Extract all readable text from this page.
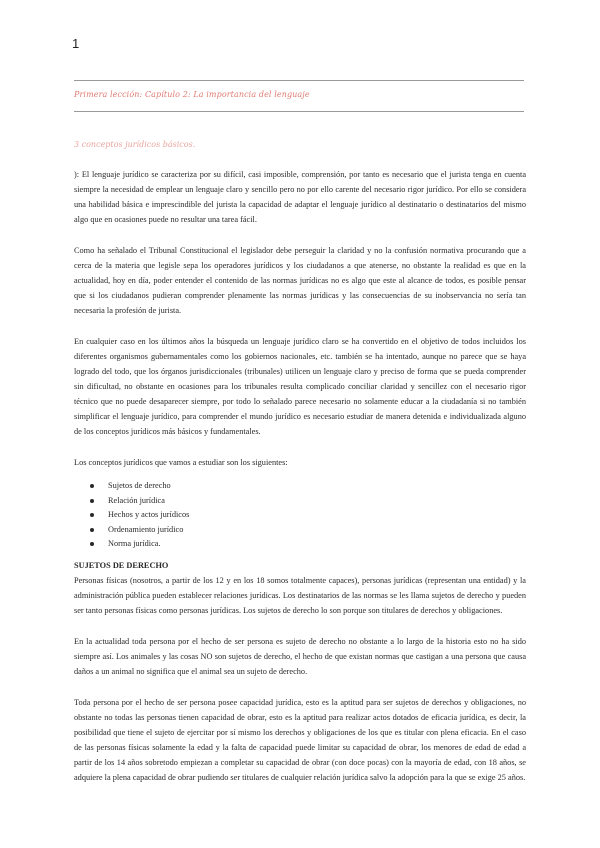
1
Primera lección: Capítulo 2: La importancia del lenguaje
3 conceptos jurídicos básicos.

): El lenguaje jurídico se caracteriza por su difícil, casi imposible, comprensión, por tanto es necesario que el jurista tenga en cuenta siempre la necesidad de emplear un lenguaje claro y sencillo pero no por ello carente del necesario rigor jurídico. Por ello se considera una habilidad básica e imprescindible del jurista la capacidad de adaptar el lenguaje jurídico al destinatario o destinatarios del mismo algo que en ocasiones puede no resultar una tarea fácil.

Como ha señalado el Tribunal Constitucional el legislador debe perseguir la claridad y no la confusión normativa procurando que a cerca de la materia que legisle sepa los operadores jurídicos y los ciudadanos a que atenerse, no obstante la realidad es que en la actualidad, hoy en día, poder entender el contenido de las normas jurídicas no es algo que este al alcance de todos, es posible pensar que si los ciudadanos pudieran comprender plenamente las normas jurídicas y las consecuencias de su inobservancia no sería tan necesaria la profesión de jurista.

En cualquier caso en los últimos años la búsqueda un lenguaje jurídico claro se ha convertido en el objetivo de todos incluidos los diferentes organismos gubernamentales como los gobiernos nacionales, etc. también se ha intentado, aunque no parece que se haya logrado del todo, que los órganos jurisdiccionales (tribunales) utilicen un lenguaje claro y preciso de forma que se pueda comprender sin dificultad, no obstante en ocasiones para los tribunales resulta complicado conciliar claridad y sencillez con el necesario rigor técnico que no puede desaparecer siempre, por todo lo señalado parece necesario no solamente educar a la ciudadanía si no también simplificar el lenguaje jurídico, para comprender el mundo jurídico es necesario estudiar de manera detenida e individualizada alguno de los conceptos jurídicos más básicos y fundamentales.

Los conceptos jurídicos que vamos a estudiar son los siguientes:

Sujetos de derecho
Relación jurídica
Hechos y actos jurídicos
Ordenamiento jurídico
Norma jurídica.
SUJETOS DE DERECHO

Personas físicas (nosotros, a partir de los 12 y en los 18 somos totalmente capaces), personas jurídicas (representan una entidad) y la administración pública pueden establecer relaciones jurídicas. Los destinatarios de las normas se les llama sujetos de derecho y pueden ser tanto personas físicas como personas jurídicas. Los sujetos de derecho lo son porque son titulares de derechos y obligaciones.

En la actualidad toda persona por el hecho de ser persona es sujeto de derecho no obstante a lo largo de la historia esto no ha sido siempre así. Los animales y las cosas NO son sujetos de derecho, el hecho de que existan normas que castigan a una persona que causa daños a un animal no significa que el animal sea un sujeto de derecho.

Toda persona por el hecho de ser persona posee capacidad jurídica, esto es la aptitud para ser sujetos de derechos y obligaciones, no obstante no todas las personas tienen capacidad de obrar, esto es la aptitud para realizar actos dotados de eficacia jurídica, es decir, la posibilidad que tiene el sujeto de ejercitar por sí mismo los derechos y obligaciones de los que es titular con plena eficacia. En el caso de las personas físicas solamente la edad y la falta de capacidad puede limitar su capacidad de obrar, los menores de edad de edad a partir de los 14 años sobretodo empiezan a completar su capacidad de obrar (con doce pocas) con la mayoría de edad, con 18 años, se adquiere la plena capacidad de obrar pudiendo ser titulares de cualquier relación jurídica salvo la adopción para la que se exige 25 años.
